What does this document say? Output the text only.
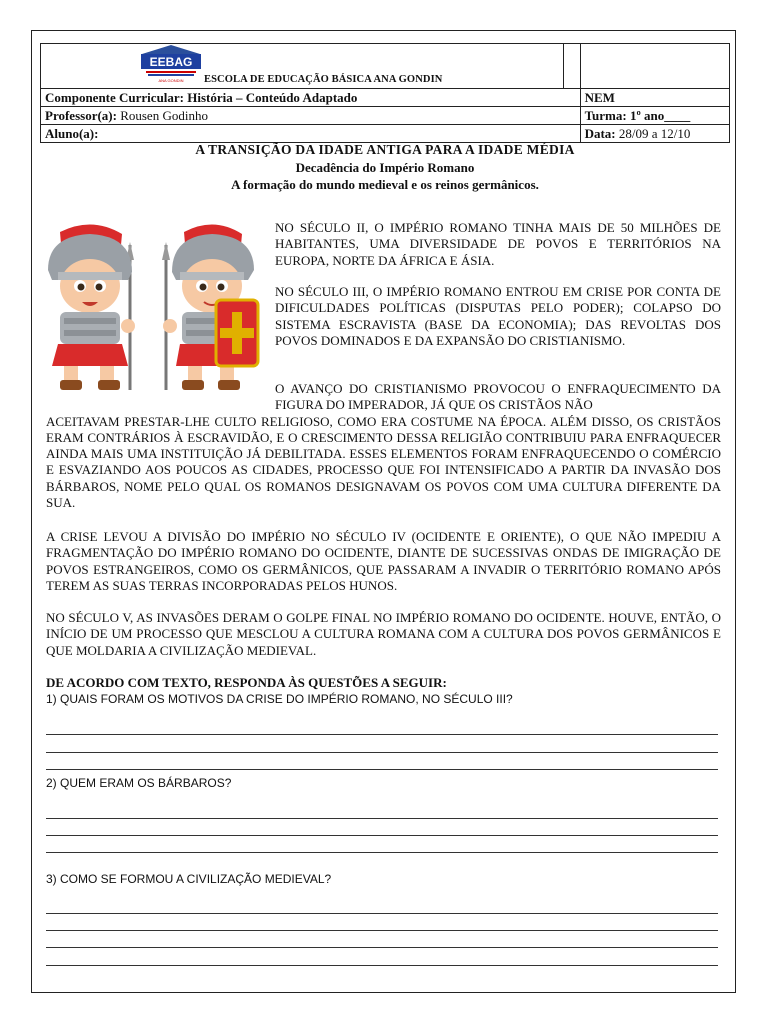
EEBAG
ANA GONDIN ESCOLA DE EDUCAÇÃO BÁSICA ANA GONDIN		

Componente Curricular: História – Conteúdo Adaptado		NEM
Professor(a): Rousen Godinho		Turma: 1º ano____
Aluno(a):		Data: 28/09 a 12/10
A TRANSIÇÃO DA IDADE ANTIGA PARA A IDADE MÉDIA
Decadência do Império Romano
A formação do mundo medieval e os reinos germânicos.
NO SÉCULO II, O IMPÉRIO ROMANO TINHA MAIS DE 50 MILHÕES DE HABITANTES, UMA DIVERSIDADE DE POVOS E TERRITÓRIOS NA EUROPA, NORTE DA ÁFRICA E ÁSIA.
NO SÉCULO III, O IMPÉRIO ROMANO ENTROU EM CRISE POR CONTA DE DIFICULDADES POLÍTICAS (DISPUTAS PELO PODER); COLAPSO DO SISTEMA ESCRAVISTA (BASE DA ECONOMIA); DAS REVOLTAS DOS POVOS DOMINADOS E DA EXPANSÃO DO CRISTIANISMO.
O AVANÇO DO CRISTIANISMO PROVOCOU O ENFRAQUECIMENTO DA FIGURA DO IMPERADOR, JÁ QUE OS CRISTÃOS NÃO
ACEITAVAM PRESTAR-LHE CULTO RELIGIOSO, COMO ERA COSTUME NA ÉPOCA. ALÉM DISSO, OS CRISTÃOS ERAM CONTRÁRIOS À ESCRAVIDÃO, E O CRESCIMENTO DESSA RELIGIÃO CONTRIBUIU PARA ENFRAQUECER AINDA MAIS UMA INSTITUIÇÃO JÁ DEBILITADA. ESSES ELEMENTOS FORAM ENFRAQUECENDO O COMÉRCIO E ESVAZIANDO AOS POUCOS AS CIDADES, PROCESSO QUE FOI INTENSIFICADO A PARTIR DA INVASÃO DOS BÁRBAROS, NOME PELO QUAL OS ROMANOS DESIGNAVAM OS POVOS COM UMA CULTURA DIFERENTE DA SUA.
A CRISE LEVOU A DIVISÃO DO IMPÉRIO NO SÉCULO IV (OCIDENTE E ORIENTE), O QUE NÃO IMPEDIU A FRAGMENTAÇÃO DO IMPÉRIO ROMANO DO OCIDENTE, DIANTE DE SUCESSIVAS ONDAS DE IMIGRAÇÃO DE POVOS ESTRANGEIROS, COMO OS GERMÂNICOS, QUE PASSARAM A INVADIR O TERRITÓRIO ROMANO APÓS TEREM AS SUAS TERRAS INCORPORADAS PELOS HUNOS.
NO SÉCULO V, AS INVASÕES DERAM O GOLPE FINAL NO IMPÉRIO ROMANO DO OCIDENTE. HOUVE, ENTÃO, O INÍCIO DE UM PROCESSO QUE MESCLOU A CULTURA ROMANA COM A CULTURA DOS POVOS GERMÂNICOS E QUE MOLDARIA A CIVILIZAÇÃO MEDIEVAL.
DE ACORDO COM TEXTO, RESPONDA ÀS QUESTÕES A SEGUIR:
1) QUAIS FORAM OS MOTIVOS DA CRISE DO IMPÉRIO ROMANO, NO SÉCULO III?
2) QUEM ERAM OS BÁRBAROS?
3) COMO SE FORMOU A CIVILIZAÇÃO MEDIEVAL?
